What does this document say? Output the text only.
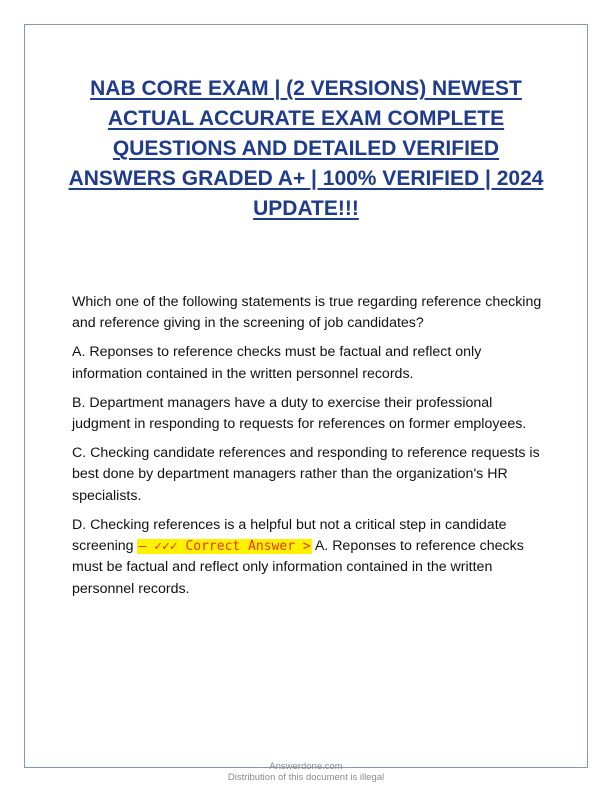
NAB CORE EXAM | (2 VERSIONS) NEWEST ACTUAL ACCURATE EXAM COMPLETE QUESTIONS AND DETAILED VERIFIED ANSWERS GRADED A+ | 100% VERIFIED | 2024 UPDATE!!!

Which one of the following statements is true regarding reference checking and reference giving in the screening of job candidates?

A. Reponses to reference checks must be factual and reflect only information contained in the written personnel records.

B. Department managers have a duty to exercise their professional judgment in responding to requests for references on former employees.

C. Checking candidate references and responding to reference requests is best done by department managers rather than the organization's HR specialists.

D. Checking references is a helpful but not a critical step in candidate screening – ✓✓✓ Correct Answer > A. Reponses to reference checks must be factual and reflect only information contained in the written personnel records.

Answerdone.com
Distribution of this document is illegal
